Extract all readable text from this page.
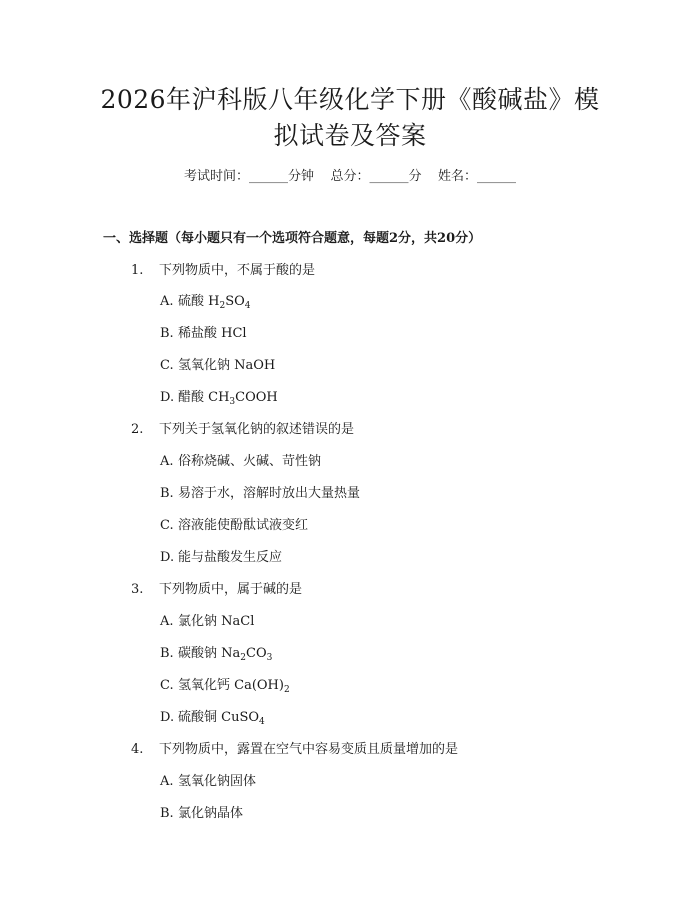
2026年沪科版八年级化学下册《酸碱盐》模
拟试卷及答案
考试时间：______分钟    总分：______分    姓名：______
一、选择题（每小题只有一个选项符合题意，每题2分，共20分）
1. 下列物质中，不属于酸的是
A. 硫酸 $H_2SO_4$
B. 稀盐酸 HCl
C. 氢氧化钠 NaOH
D. 醋酸 $CH_3COOH$
2. 下列关于氢氧化钠的叙述错误的是
A. 俗称烧碱、火碱、苛性钠
B. 易溶于水，溶解时放出大量热量
C. 溶液能使酚酞试液变红
D. 能与盐酸发生反应
3. 下列物质中，属于碱的是
A. 氯化钠 NaCl
B. 碳酸钠 $Na_2CO_3$
C. 氢氧化钙 $Ca(OH)_2$
D. 硫酸铜 CuSO$_4$
4. 下列物质中，露置在空气中容易变质且质量增加的是
A. 氢氧化钠固体
B. 氯化钠晶体
